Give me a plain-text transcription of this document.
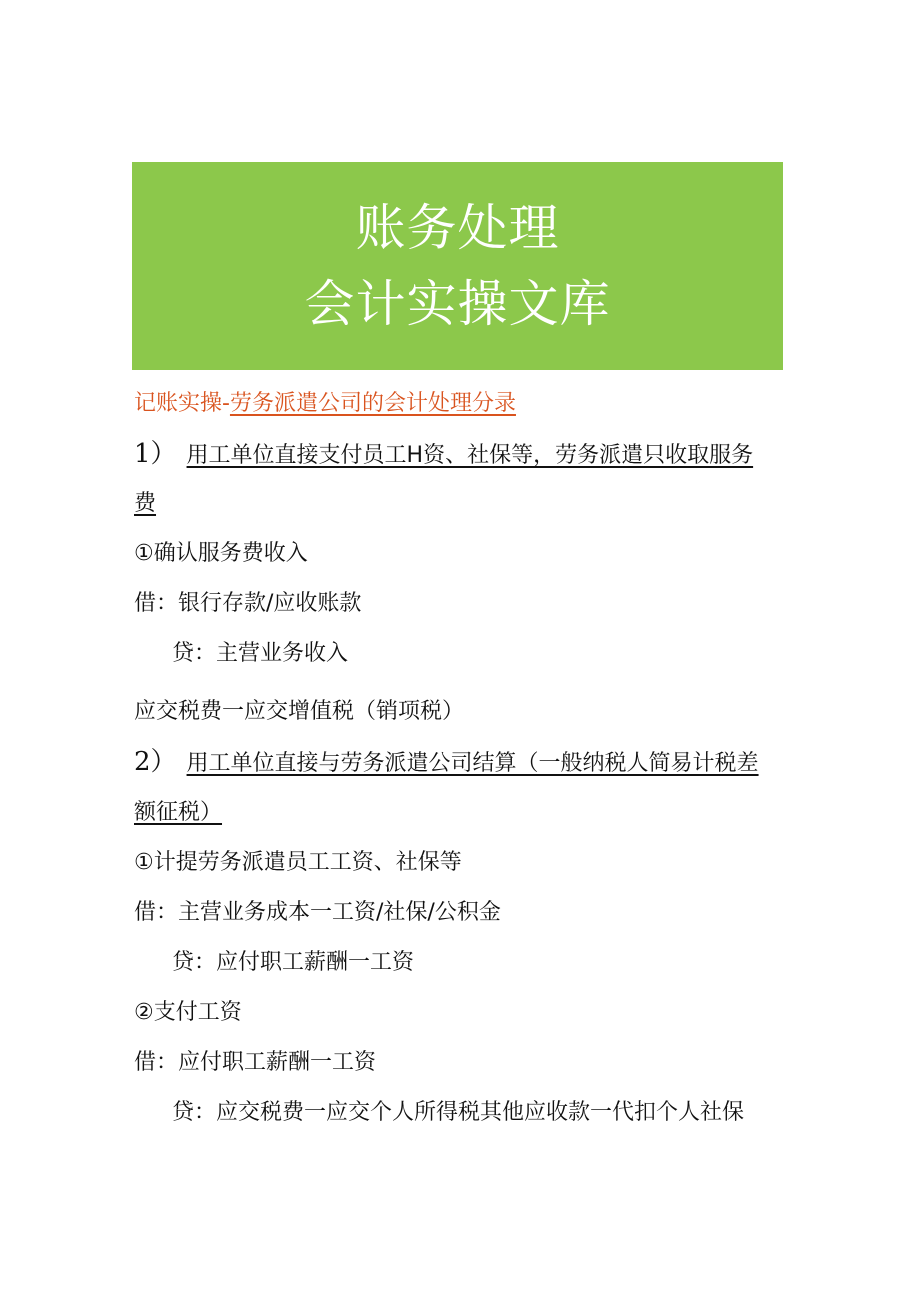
账务处理
会计实操文库
记账实操-劳务派遣公司的会计处理分录
1） 用工单位直接支付员工H资、社保等，劳务派遣只收取服务
费
①确认服务费收入
借：银行存款/应收账款
贷：主营业务收入
应交税费一应交增值税（销项税）
2） 用工单位直接与劳务派遣公司结算（一般纳税人简易计税差
额征税）
①计提劳务派遣员工工资、社保等
借：主营业务成本一工资/社保/公积金
贷：应付职工薪酬一工资
②支付工资
借：应付职工薪酬一工资
贷：应交税费一应交个人所得税其他应收款一代扣个人社保
